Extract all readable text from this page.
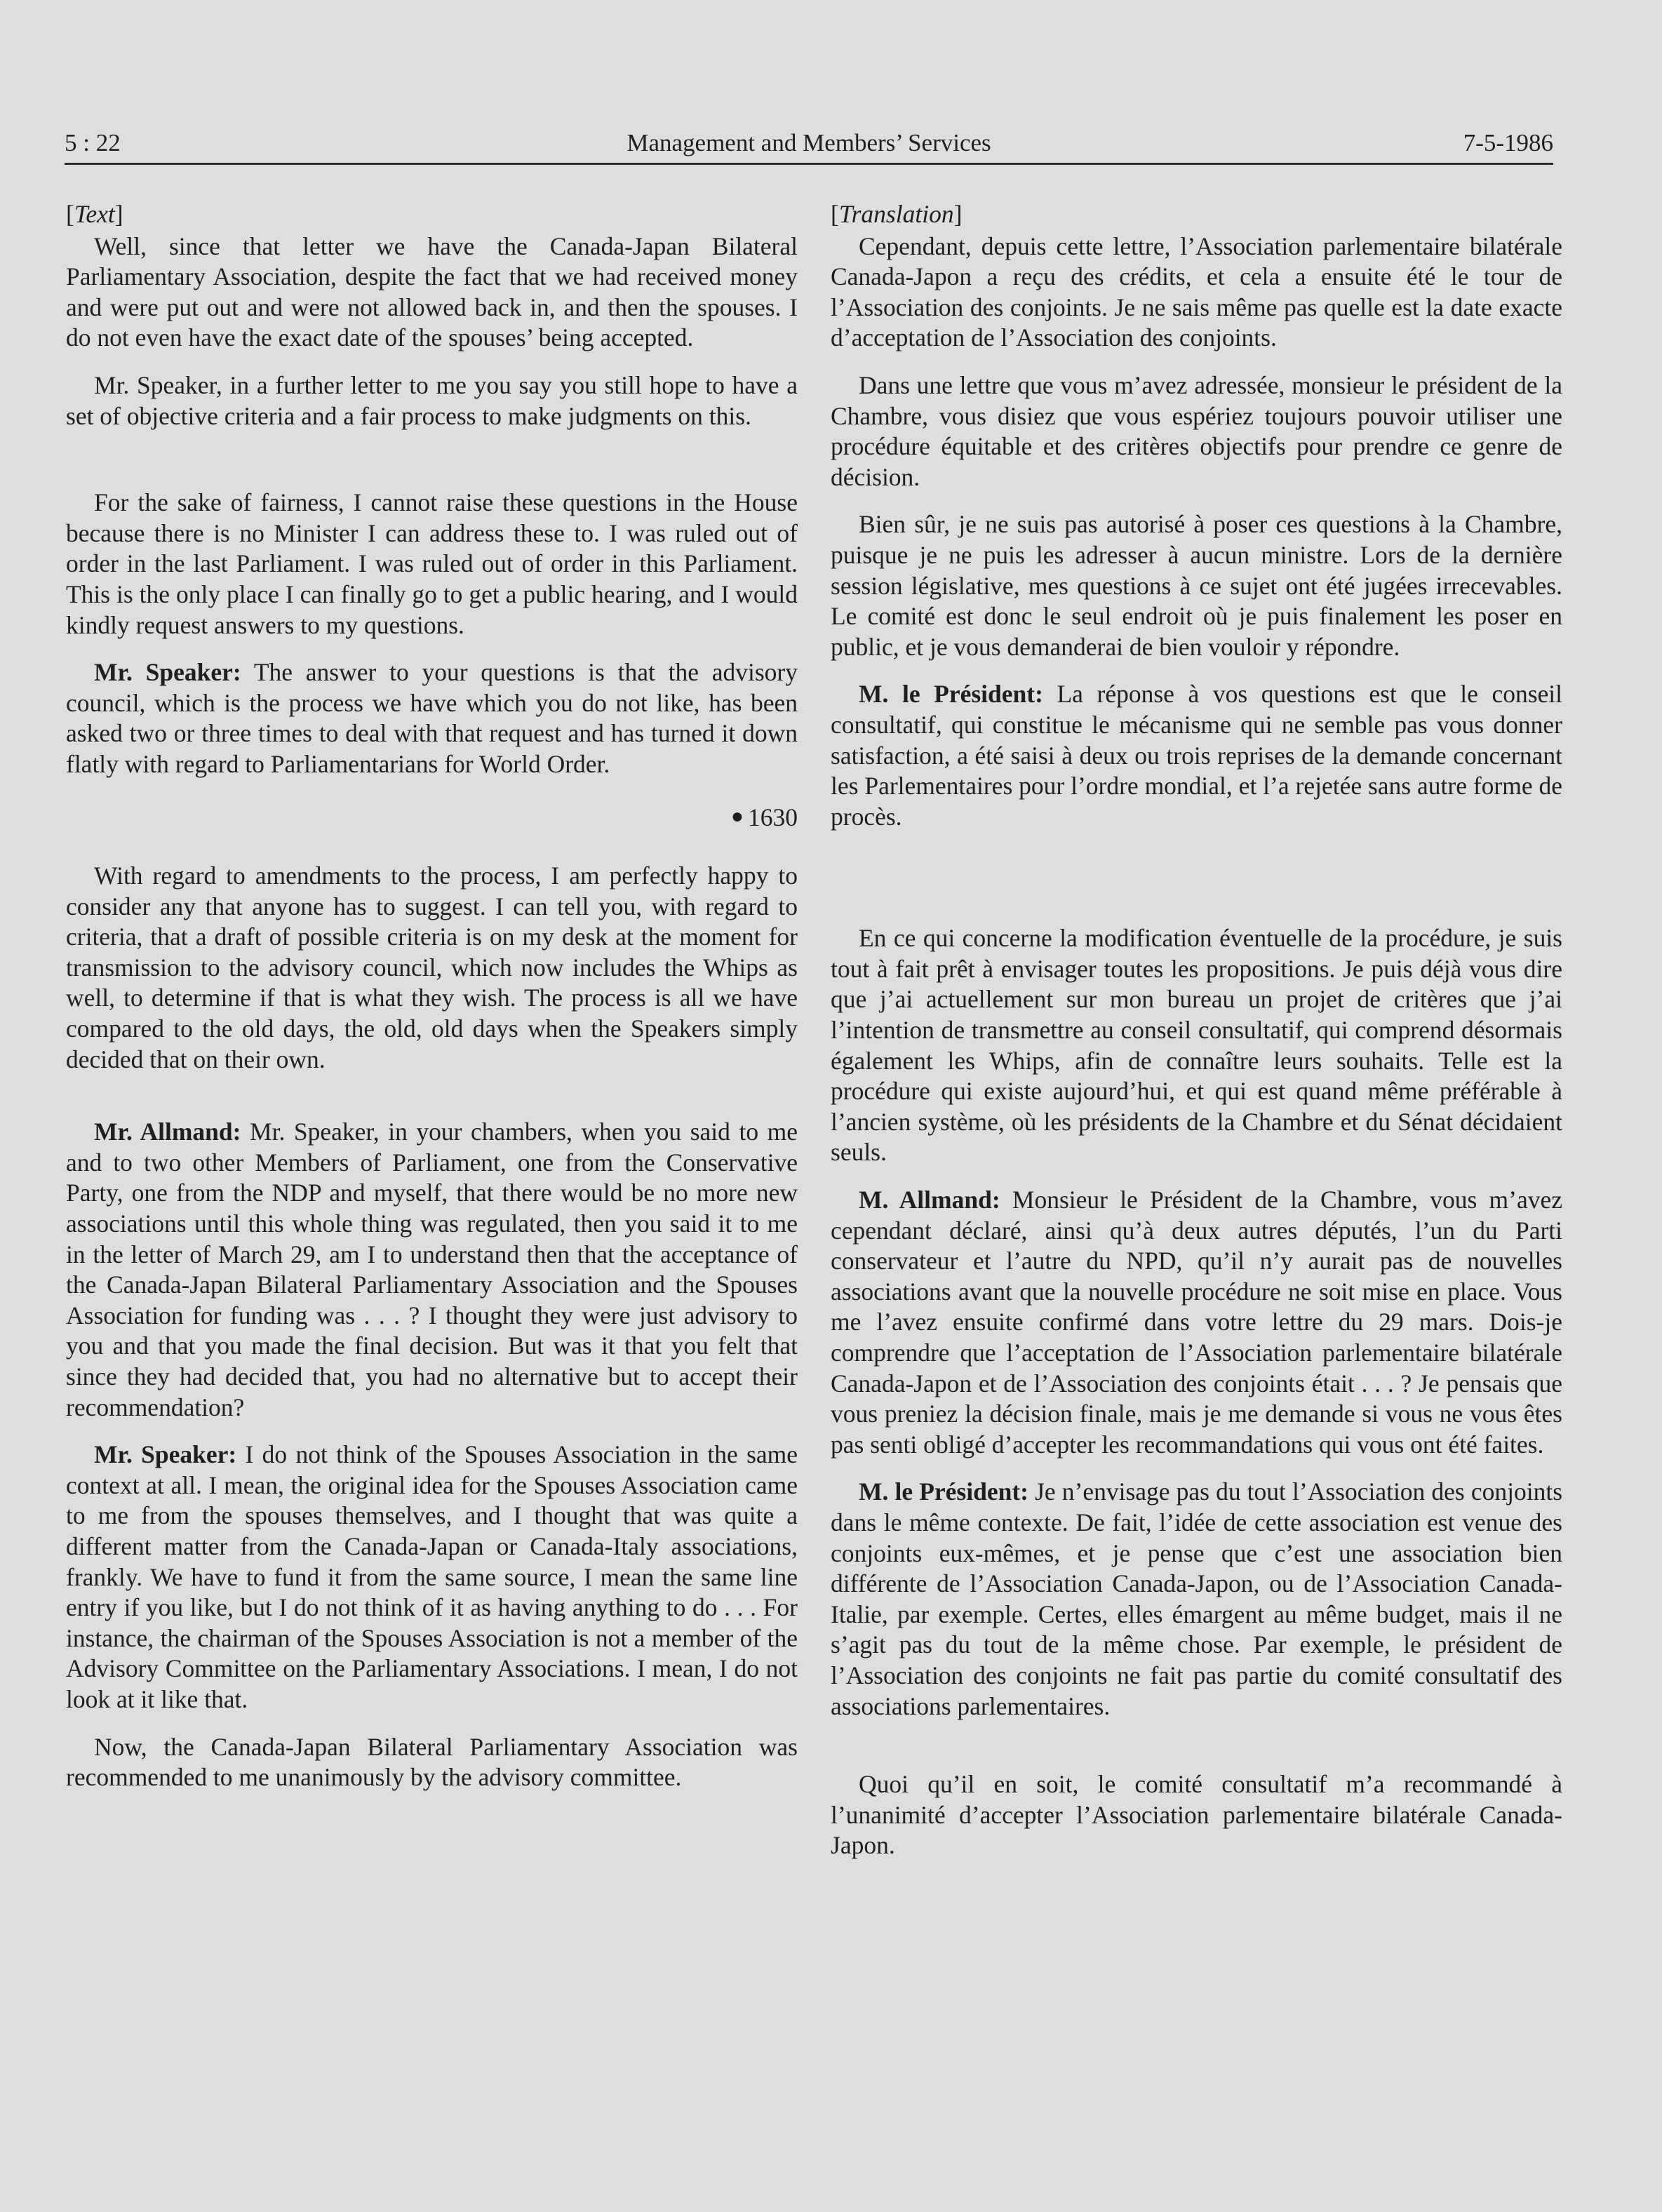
5 : 22	Management and Members’ Services	7-5-1986
[Text]

Well, since that letter we have the Canada-Japan Bilateral Parliamentary Association, despite the fact that we had received money and were put out and were not allowed back in, and then the spouses. I do not even have the exact date of the spouses’ being accepted.

Mr. Speaker, in a further letter to me you say you still hope to have a set of objective criteria and a fair process to make judgments on this.

For the sake of fairness, I cannot raise these questions in the House because there is no Minister I can address these to. I was ruled out of order in the last Parliament. I was ruled out of order in this Parliament. This is the only place I can finally go to get a public hearing, and I would kindly request answers to my questions.

Mr. Speaker: The answer to your questions is that the advisory council, which is the process we have which you do not like, has been asked two or three times to deal with that request and has turned it down flatly with regard to Parliamentarians for World Order.

● 1630

With regard to amendments to the process, I am perfectly happy to consider any that anyone has to suggest. I can tell you, with regard to criteria, that a draft of possible criteria is on my desk at the moment for transmission to the advisory council, which now includes the Whips as well, to determine if that is what they wish. The process is all we have compared to the old days, the old, old days when the Speakers simply decided that on their own.

Mr. Allmand: Mr. Speaker, in your chambers, when you said to me and to two other Members of Parliament, one from the Conservative Party, one from the NDP and myself, that there would be no more new associations until this whole thing was regulated, then you said it to me in the letter of March 29, am I to understand then that the acceptance of the Canada-Japan Bilateral Parliamentary Association and the Spouses Association for funding was . . . ? I thought they were just advisory to you and that you made the final decision. But was it that you felt that since they had decided that, you had no alternative but to accept their recommendation?

Mr. Speaker: I do not think of the Spouses Association in the same context at all. I mean, the original idea for the Spouses Association came to me from the spouses themselves, and I thought that was quite a different matter from the Canada-Japan or Canada-Italy associations, frankly. We have to fund it from the same source, I mean the same line entry if you like, but I do not think of it as having anything to do . . . For instance, the chairman of the Spouses Association is not a member of the Advisory Committee on the Parliamentary Associations. I mean, I do not look at it like that.

Now, the Canada-Japan Bilateral Parliamentary Association was recommended to me unanimously by the advisory committee.

[Translation]

Cependant, depuis cette lettre, l’Association parlementaire bilatérale Canada-Japon a reçu des crédits, et cela a ensuite été le tour de l’Association des conjoints. Je ne sais même pas quelle est la date exacte d’acceptation de l’Association des conjoints.

Dans une lettre que vous m’avez adressée, monsieur le président de la Chambre, vous disiez que vous espériez toujours pouvoir utiliser une procédure équitable et des critères objectifs pour prendre ce genre de décision.

Bien sûr, je ne suis pas autorisé à poser ces questions à la Chambre, puisque je ne puis les adresser à aucun ministre. Lors de la dernière session législative, mes questions à ce sujet ont été jugées irrecevables. Le comité est donc le seul endroit où je puis finalement les poser en public, et je vous demanderai de bien vouloir y répondre.

M. le Président: La réponse à vos questions est que le conseil consultatif, qui constitue le mécanisme qui ne semble pas vous donner satisfaction, a été saisi à deux ou trois reprises de la demande concernant les Parlementaires pour l’ordre mondial, et l’a rejetée sans autre forme de procès.

En ce qui concerne la modification éventuelle de la procédure, je suis tout à fait prêt à envisager toutes les propositions. Je puis déjà vous dire que j’ai actuellement sur mon bureau un projet de critères que j’ai l’intention de transmettre au conseil consultatif, qui comprend désormais également les Whips, afin de connaître leurs souhaits. Telle est la procédure qui existe aujourd’hui, et qui est quand même préférable à l’ancien système, où les présidents de la Chambre et du Sénat décidaient seuls.

M. Allmand: Monsieur le Président de la Chambre, vous m’avez cependant déclaré, ainsi qu’à deux autres députés, l’un du Parti conservateur et l’autre du NPD, qu’il n’y aurait pas de nouvelles associations avant que la nouvelle procédure ne soit mise en place. Vous me l’avez ensuite confirmé dans votre lettre du 29 mars. Dois-je comprendre que l’acceptation de l’Association parlementaire bilatérale Canada-Japon et de l’Association des conjoints était . . . ? Je pensais que vous preniez la décision finale, mais je me demande si vous ne vous êtes pas senti obligé d’accepter les recommandations qui vous ont été faites.

M. le Président: Je n’envisage pas du tout l’Association des conjoints dans le même contexte. De fait, l’idée de cette association est venue des conjoints eux-mêmes, et je pense que c’est une association bien différente de l’Association Canada-Japon, ou de l’Association Canada-Italie, par exemple. Certes, elles émargent au même budget, mais il ne s’agit pas du tout de la même chose. Par exemple, le président de l’Association des conjoints ne fait pas partie du comité consultatif des associations parlementaires.

Quoi qu’il en soit, le comité consultatif m’a recommandé à l’unanimité d’accepter l’Association parlementaire bilatérale Canada-Japon.
